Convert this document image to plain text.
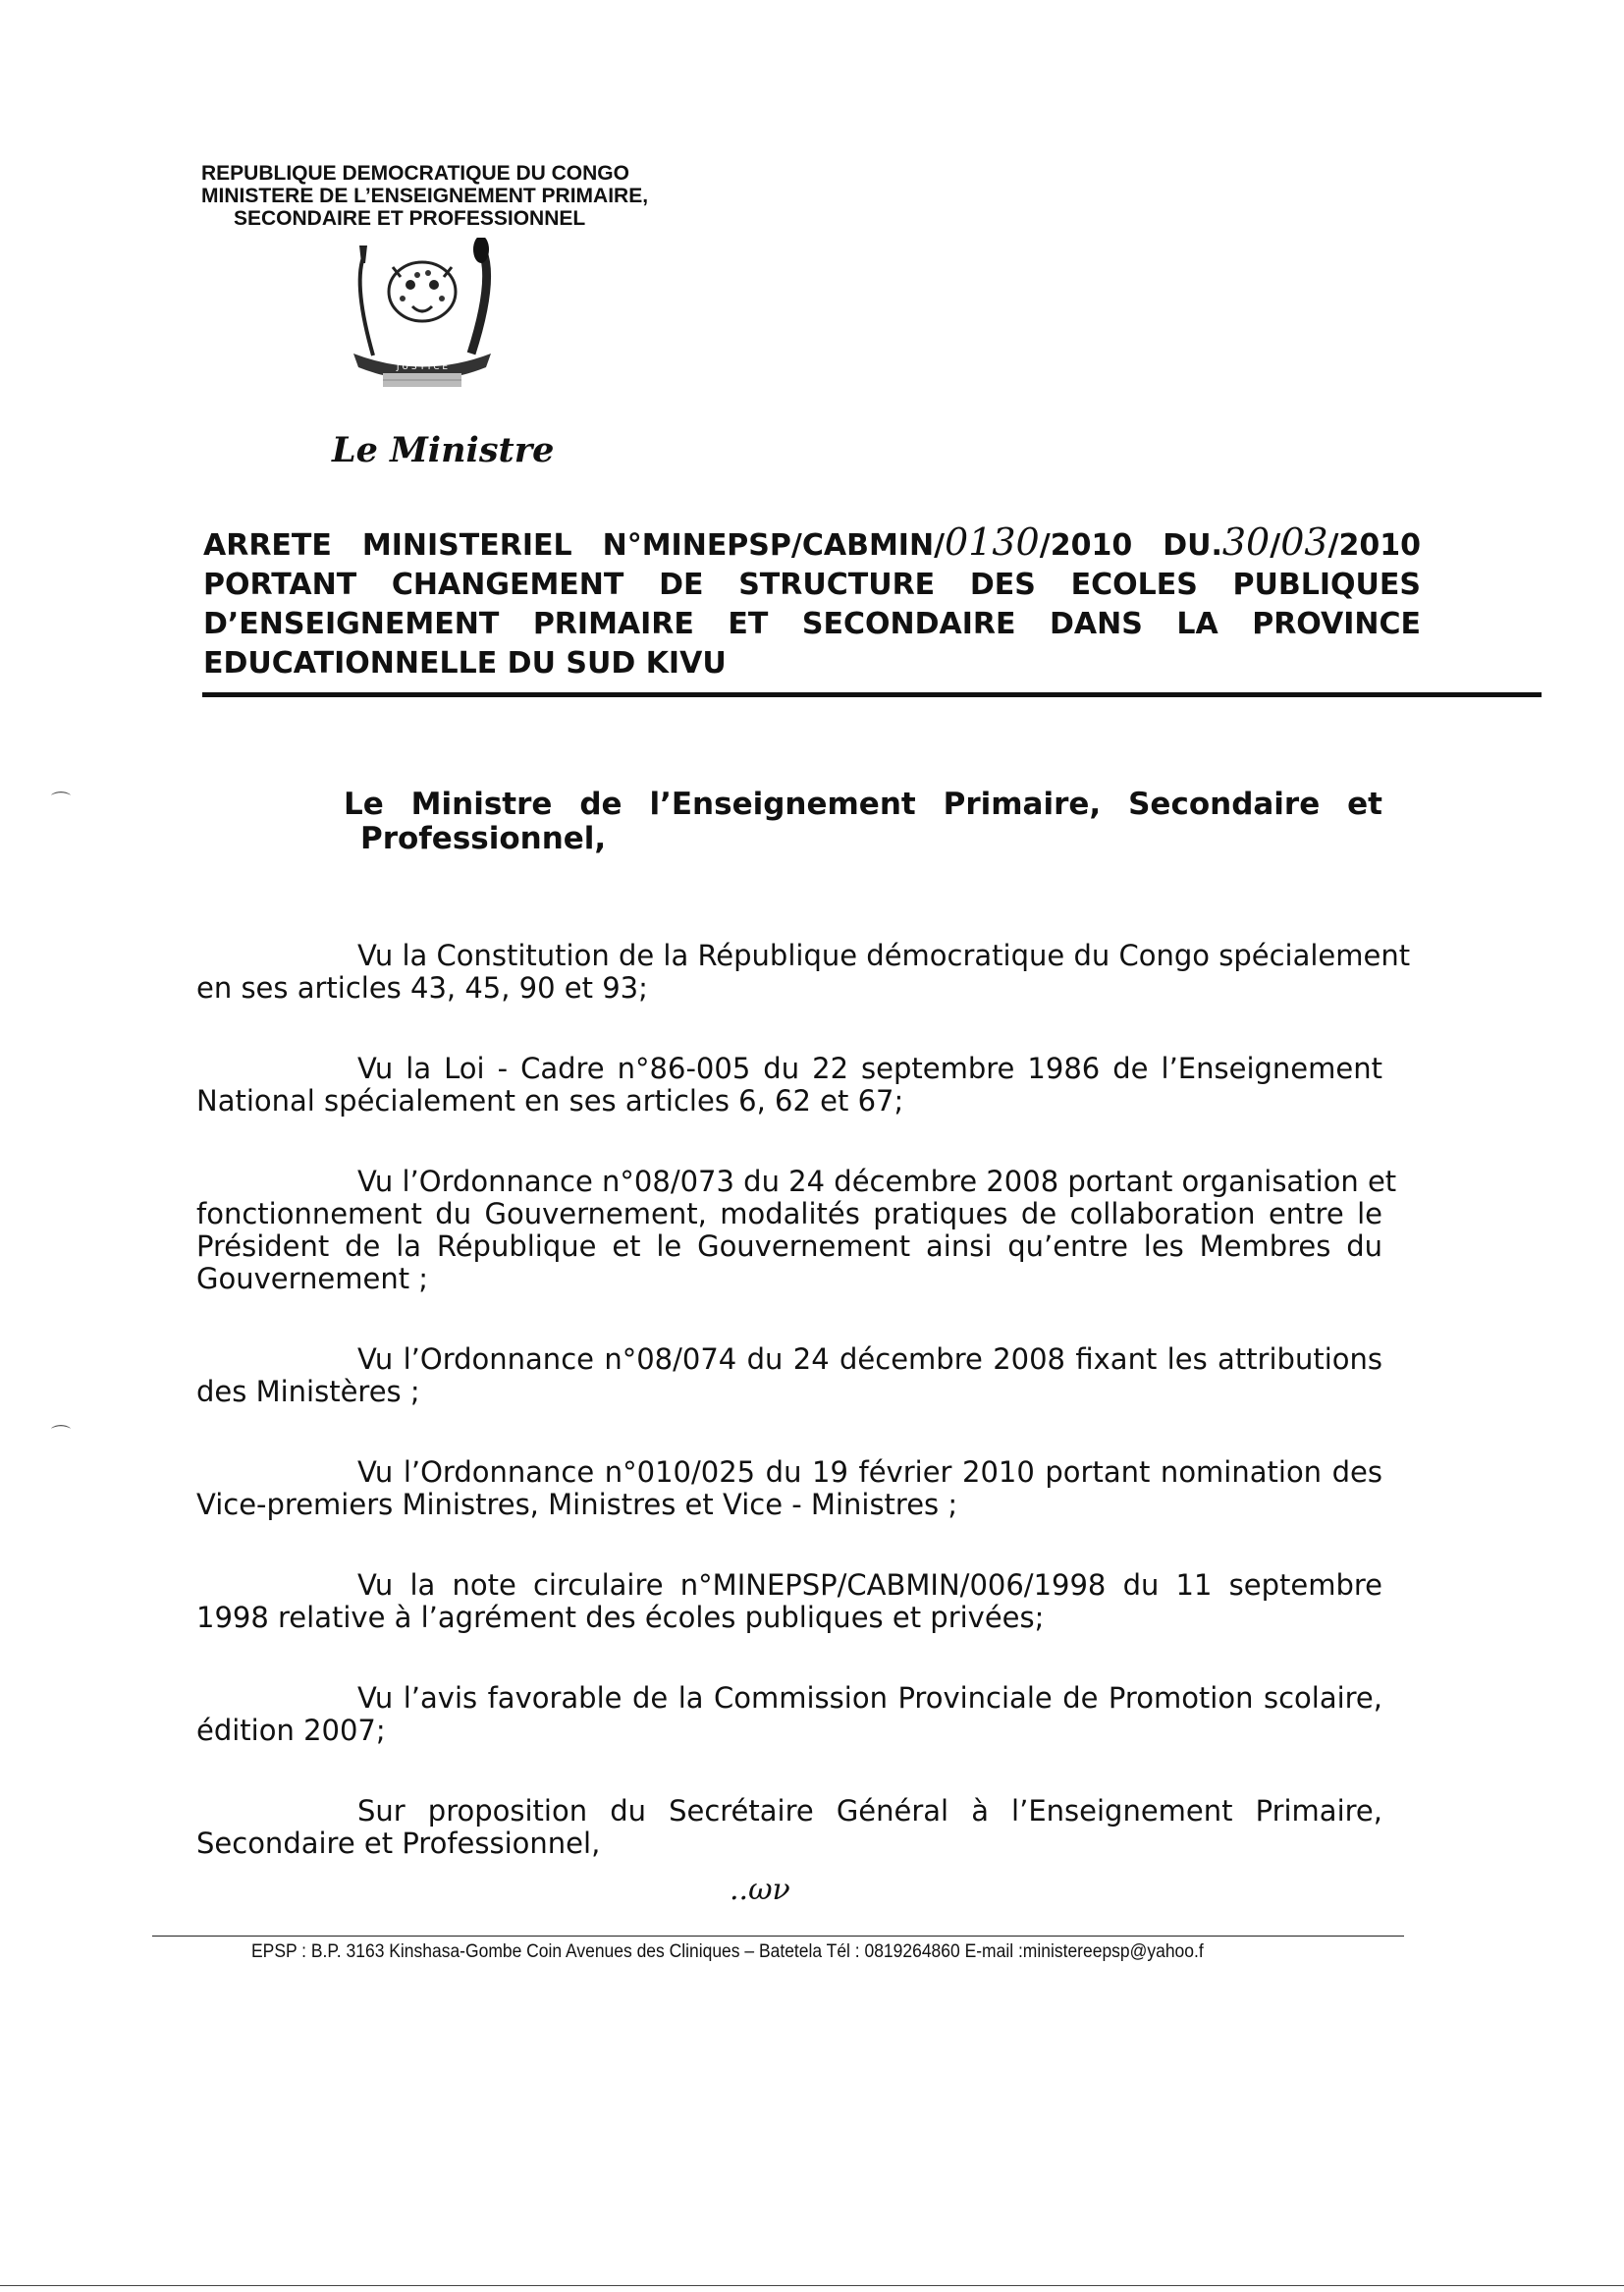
REPUBLIQUE DEMOCRATIQUE DU CONGO
MINISTERE DE L’ENSEIGNEMENT PRIMAIRE,
SECONDAIRE ET PROFESSIONNEL
J U S T I C E
Le Ministre
ARRETE MINISTERIEL N°MINEPSP/CABMIN/0130/2010 DU.30/03/2010
PORTANT CHANGEMENT DE STRUCTURE DES ECOLES PUBLIQUES
D’ENSEIGNEMENT PRIMAIRE ET SECONDAIRE DANS LA PROVINCE
EDUCATIONNELLE DU SUD KIVU
Le Ministre de l’Enseignement Primaire, Secondaire et
Professionnel,
Vu la Constitution de la République démocratique du Congo spécialement
en ses articles 43, 45, 90 et 93;
Vu la Loi - Cadre n°86-005 du 22 septembre 1986 de l’Enseignement
National spécialement en ses articles 6, 62 et 67;
Vu l’Ordonnance n°08/073 du 24 décembre 2008 portant organisation et
fonctionnement du Gouvernement, modalités pratiques de collaboration entre le
Président de la République et le Gouvernement ainsi qu’entre les Membres du
Gouvernement ;
Vu l’Ordonnance n°08/074 du 24 décembre 2008 fixant les attributions
des Ministères ;
Vu l’Ordonnance n°010/025 du 19 février 2010 portant nomination des
Vice-premiers Ministres, Ministres et Vice - Ministres ;
Vu la note circulaire n°MINEPSP/CABMIN/006/1998 du 11 septembre
1998 relative à l’agrément des écoles publiques et privées;
Vu l’avis favorable de la Commission Provinciale de Promotion scolaire,
édition 2007;
Sur proposition du Secrétaire Général à l’Enseignement Primaire,
Secondaire et Professionnel,
..ων
EPSP : B.P. 3163 Kinshasa-Gombe Coin Avenues des Cliniques – Batetela Tél : 0819264860 E-mail :ministereepsp@yahoo.f
⌒
⌒
